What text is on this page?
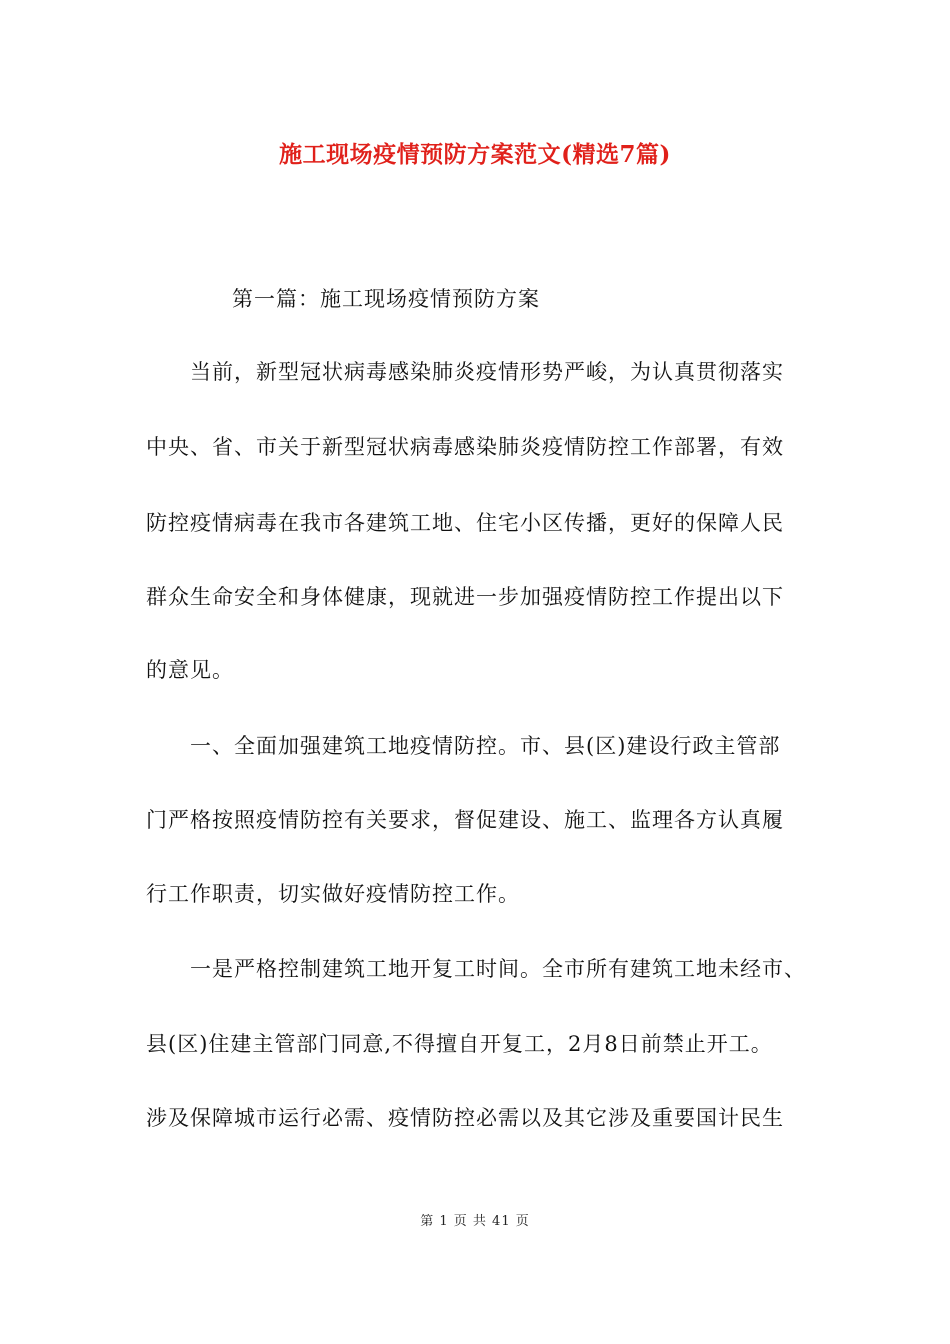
施工现场疫情预防方案范文(精选7篇)
第一篇：施工现场疫情预防方案
当前，新型冠状病毒感染肺炎疫情形势严峻，为认真贯彻落实
中央、省、市关于新型冠状病毒感染肺炎疫情防控工作部署，有效
防控疫情病毒在我市各建筑工地、住宅小区传播，更好的保障人民
群众生命安全和身体健康，现就进一步加强疫情防控工作提出以下
的意见。
一、全面加强建筑工地疫情防控。市、县(区)建设行政主管部
门严格按照疫情防控有关要求，督促建设、施工、监理各方认真履
行工作职责，切实做好疫情防控工作。
一是严格控制建筑工地开复工时间。全市所有建筑工地未经市、
县(区)住建主管部门同意,不得擅自开复工，2月8日前禁止开工。
涉及保障城市运行必需、疫情防控必需以及其它涉及重要国计民生
第 1 页 共 41 页
